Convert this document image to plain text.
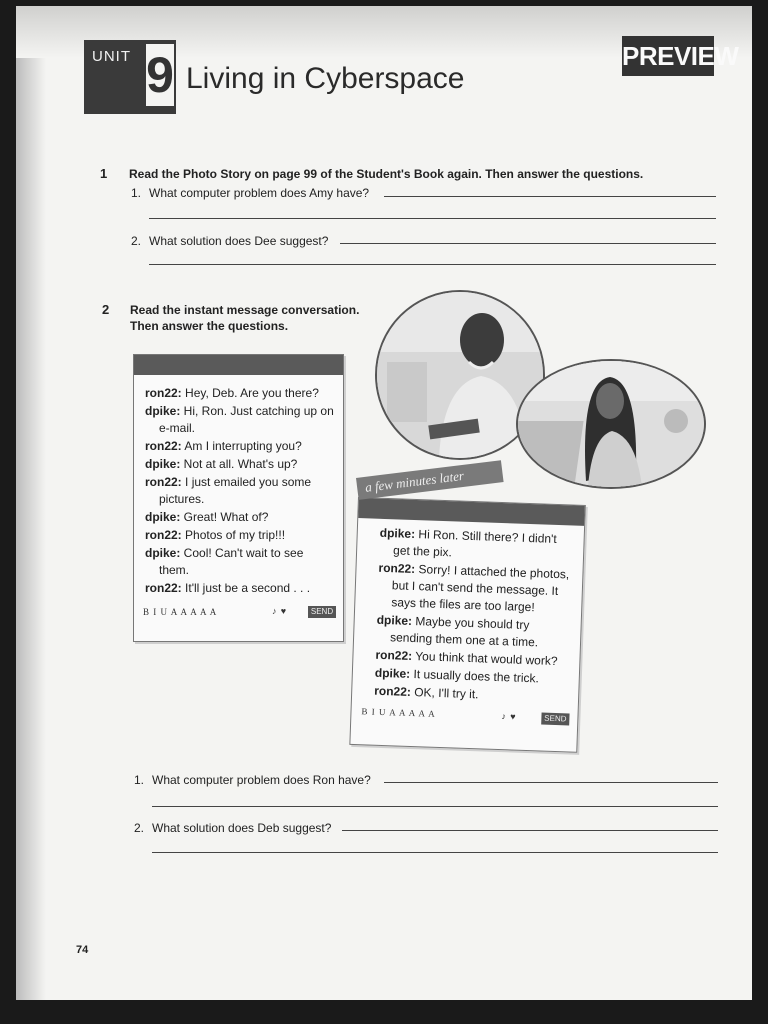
UNIT 9 Living in Cyberspace
PREVIEW
1 Read the Photo Story on page 99 of the Student's Book again. Then answer the questions.
1. What computer problem does Amy have?
2. What solution does Dee suggest?
2 Read the instant message conversation.
Then answer the questions.
ron22: Hey, Deb. Are you there?
dpike: Hi, Ron. Just catching up on
e-mail.
ron22: Am I interrupting you?
dpike: Not at all. What's up?
ron22: I just emailed you some
pictures.
dpike: Great! What of?
ron22: Photos of my trip!!!
dpike: Cool! Can't wait to see
them.
ron22: It'll just be a second . . .
B I U A A A A A	♪ ♥	SEND
dpike: Hi Ron. Still there? I didn't
get the pix.
ron22: Sorry! I attached the photos,
but I can't send the message. It
says the files are too large!
dpike: Maybe you should try
sending them one at a time.
ron22: You think that would work?
dpike: It usually does the trick.
ron22: OK, I'll try it.
B I U A A A A A	♪ ♥	SEND
a few minutes later
1. What computer problem does Ron have?
2. What solution does Deb suggest?
74
